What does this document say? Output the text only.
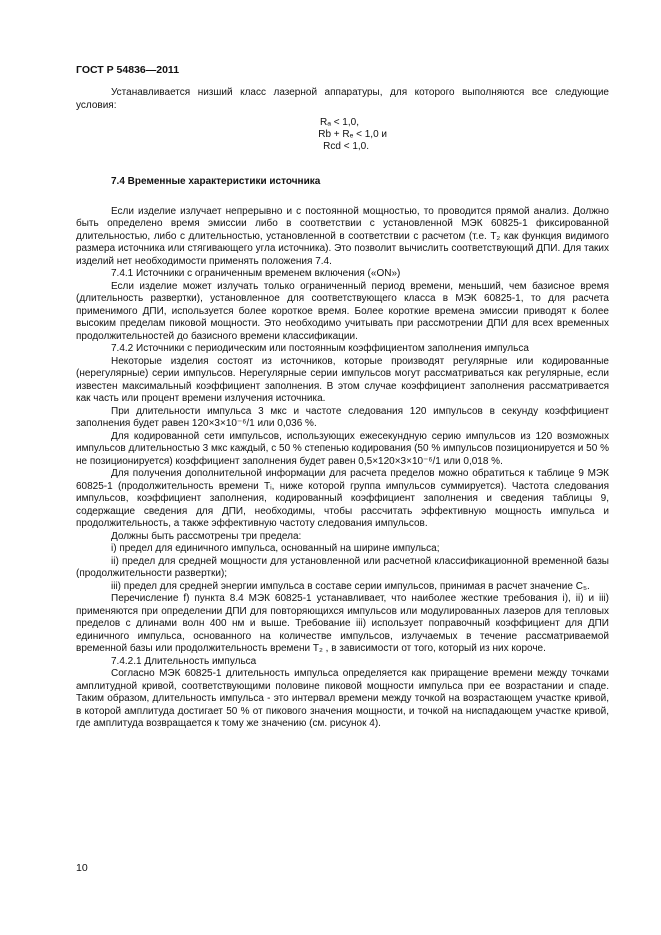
ГОСТ Р 54836—2011

Устанавливается низший класс лазерной аппаратуры, для которого выполняются все следующие условия:

Rₐ < 1,0,
Rb + Rₑ < 1,0 и
Rcd < 1,0.
7.4 Временные характеристики источника

Если изделие излучает непрерывно и с постоянной мощностью, то проводится прямой анализ. Должно быть определено время эмиссии либо в соответствии с установленной МЭК 60825-1 фиксированной длительностью, либо с длительностью, установленной в соответствии с расчетом (т.е. T₂ как функция видимого размера источника или стягивающего угла источника). Это позволит вычислить соответствующий ДПИ. Для таких изделий нет необходимости применять положения 7.4.

7.4.1 Источники с ограниченным временем включения («ON»)

Если изделие может излучать только ограниченный период времени, меньший, чем базисное время (длительность развертки), установленное для соответствующего класса в МЭК 60825-1, то для расчета применимого ДПИ, используется более короткое время. Более короткие времена эмиссии приводят к более высоким пределам пиковой мощности. Это необходимо учитывать при рассмотрении ДПИ для всех временных продолжительностей до базисного времени классификации.

7.4.2 Источники с периодическим или постоянным коэффициентом заполнения импульса

Некоторые изделия состоят из источников, которые производят регулярные или кодированные (нерегулярные) серии импульсов. Нерегулярные серии импульсов могут рассматриваться как регулярные, если известен максимальный коэффициент заполнения. В этом случае коэффициент заполнения рассматривается как часть или процент времени излучения источника.

При длительности импульса 3 мкс и частоте следования 120 импульсов в секунду коэффициент заполнения будет равен 120×3×10⁻⁶/1 или 0,036 %.

Для кодированной сети импульсов, использующих ежесекундную серию импульсов из 120 возможных импульсов длительностью 3 мкс каждый, с 50 % степенью кодирования (50 % импульсов позиционируется и 50 % не позиционируется) коэффициент заполнения будет равен 0,5×120×3×10⁻⁶/1 или 0,018 %.

Для получения дополнительной информации для расчета пределов можно обратиться к таблице 9 МЭК 60825-1 (продолжительность времени Tᵢ, ниже которой группа импульсов суммируется). Частота следования импульсов, коэффициент заполнения, кодированный коэффициент заполнения и сведения таблицы 9, содержащие сведения для ДПИ, необходимы, чтобы рассчитать эффективную мощность импульса и продолжительность, а также эффективную частоту следования импульсов.

Должны быть рассмотрены три предела:

i) предел для единичного импульса, основанный на ширине импульса;

ii) предел для средней мощности для установленной или расчетной классификационной временной базы (продолжительности развертки);

iii) предел для средней энергии импульса в составе серии импульсов, принимая в расчет значение C₅.

Перечисление f) пункта 8.4 МЭК 60825-1 устанавливает, что наиболее жесткие требования i), ii) и iii) применяются при определении ДПИ для повторяющихся импульсов или модулированных лазеров для тепловых пределов с длинами волн 400 нм и выше. Требование iii) использует поправочный коэффициент для ДПИ единичного импульса, основанного на количестве импульсов, излучаемых в течение рассматриваемой временной базы или продолжительность времени T₂ , в зависимости от того, который из них короче.

7.4.2.1 Длительность импульса

Согласно МЭК 60825-1 длительность импульса определяется как приращение времени между точками амплитудной кривой, соответствующими половине пиковой мощности импульса при ее возрастании и спаде. Таким образом, длительность импульса - это интервал времени между точкой на возрастающем участке кривой, в которой амплитуда достигает 50 % от пикового значения мощности, и точкой на ниспадающем участке кривой, где амплитуда возвращается к тому же значению (см. рисунок 4).

10
